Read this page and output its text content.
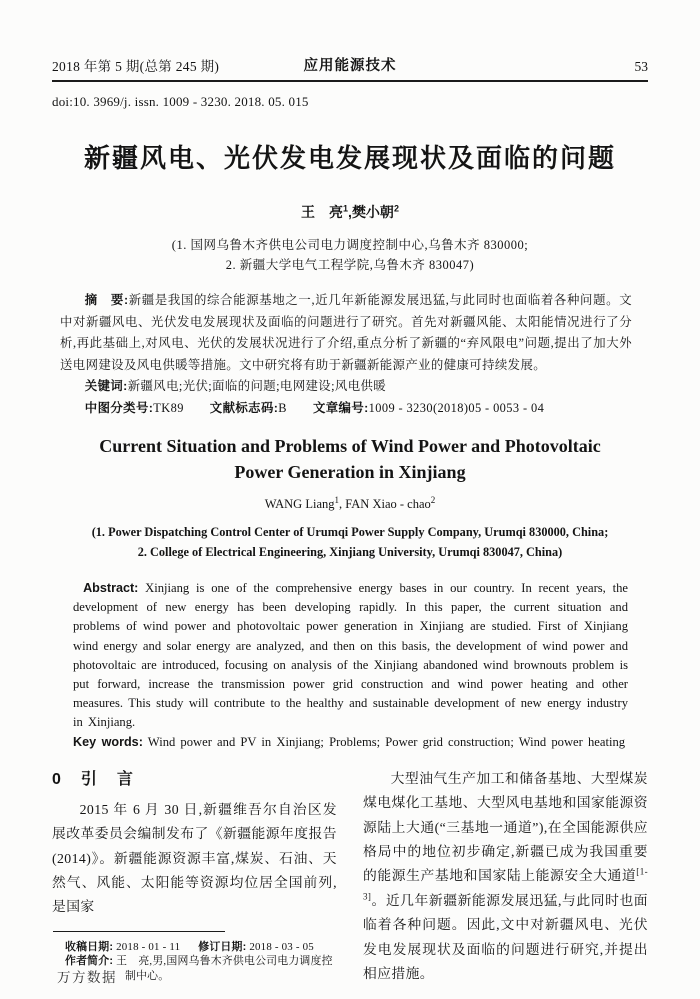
2018 年第 5 期(总第 245 期)	应用能源技术	53
doi:10. 3969/j. issn. 1009 - 3230. 2018. 05. 015
新疆风电、光伏发电发展现状及面临的问题
王　亮$^1$,樊小朝$^2$
(1. 国网乌鲁木齐供电公司电力调度控制中心,乌鲁木齐 830000;
2. 新疆大学电气工程学院,乌鲁木齐 830047)

摘　要:新疆是我国的综合能源基地之一,近几年新能源发展迅猛,与此同时也面临着各种问题。文中对新疆风电、光伏发电发展现状及面临的问题进行了研究。首先对新疆风能、太阳能情况进行了分析,再此基础上,对风电、光伏的发展状况进行了介绍,重点分析了新疆的“弃风限电”问题,提出了加大外送电网建设及风电供暖等措施。文中研究将有助于新疆新能源产业的健康可持续发展。

关键词:新疆风电;光伏;面临的问题;电网建设;风电供暖

中图分类号:TK89 文献标志码:B 文章编号:1009 - 3230(2018)05 - 0053 - 04

Current Situation and Problems of Wind Power and Photovoltaic Power Generation in Xinjiang
WANG Liang$^1$, FAN Xiao - chao$^2$
(1. Power Dispatching Control Center of Urumqi Power Supply Company, Urumqi 830000, China;
2. College of Electrical Engineering, Xinjiang University, Urumqi 830047, China)

Abstract: Xinjiang is one of the comprehensive energy bases in our country. In recent years, the development of new energy has been developing rapidly. In this paper, the current situation and problems of wind power and photovoltaic power generation in Xinjiang are studied. First of Xinjiang wind energy and solar energy are analyzed, and then on this basis, the development of wind power and photovoltaic are introduced, focusing on analysis of the Xinjiang abandoned wind brownouts problem is put forward, increase the transmission power grid construction and wind power heating and other measures. This study will contribute to the healthy and sustainable development of new energy industry in Xinjiang.

Key words: Wind power and PV in Xinjiang; Problems; Power grid construction; Wind power heating

0　引　言

2015 年 6 月 30 日,新疆维吾尔自治区发展改革委员会编制发布了《新疆能源年度报告(2014)》。新疆能源资源丰富,煤炭、石油、天然气、风能、太阳能等资源均位居全国前列,是国家

收稿日期: 2018 - 01 - 11 修订日期: 2018 - 03 - 05

作者简介: 王　亮,男,国网乌鲁木齐供电公司电力调度控制中心。

大型油气生产加工和储备基地、大型煤炭煤电煤化工基地、大型风电基地和国家能源资源陆上大通(“三基地一通道”),在全国能源供应格局中的地位初步确定,新疆已成为我国重要的能源生产基地和国家陆上能源安全大通道[1-3]。近几年新疆新能源发展迅猛,与此同时也面临着各种问题。因此,文中对新疆风电、光伏发电发展现状及面临的问题进行研究,并提出相应措施。

万方数据
